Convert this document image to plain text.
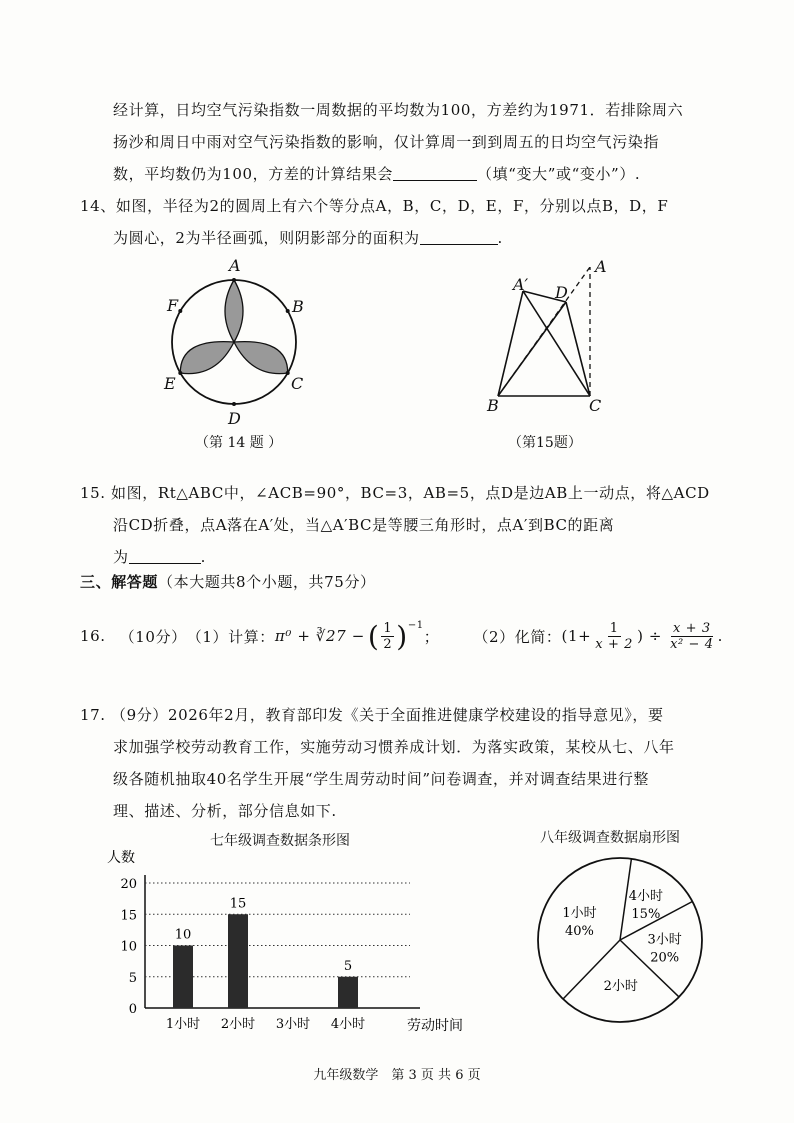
经计算，日均空气污染指数一周数据的平均数为100，方差约为1971．若排除周六
扬沙和周日中雨对空气污染指数的影响，仅计算周一到到周五的日均空气污染指
数，平均数仍为100，方差的计算结果会	（填“变大”或“变小”）.
14、如图，半径为2的圆周上有六个等分点A，B，C，D，E，F，分别以点B，D，F
为圆心，2为半径画弧，则阴影部分的面积为	.
A
B
C
D
E
F
（第 14 题 ）
A
A′ D
B	C
（第15题）
15. 如图，Rt△ABC中，∠ACB=90°，BC=3，AB=5，点D是边AB上一动点，将△ACD
沿CD折叠，点A落在A′处，当△A′BC是等腰三角形时，点A′到BC的距离
为	.
三、解答题（本大题共8个小题，共75分）
16. （10分） （1）计算： π⁰ + ∛27 − ( $\frac{1}{2} )^{-1}$
； （2）化简： ($1+ \frac{1}{x + 2}$ ) ÷ $\frac{x + 3}{\text{x² − 4}}$ .
17. （9分）2026年2月，教育部印发《关于全面推进健康学校建设的指导意见》，要
求加强学校劳动教育工作，实施劳动习惯养成计划．为落实政策，某校从七、八年
级各随机抽取40名学生开展“学生周劳动时间”问卷调查，并对调查结果进行整
理、描述、分析，部分信息如下.
七年级调查数据条形图
人数
0
5
10
15
20
10
1小时
15
2小时 3小时
5
4小时	劳动时间
八年级调查数据扇形图
4小时
15%
3小时
20%
2小时
1小时
40%
九年级数学　第 3 页 共 6 页
